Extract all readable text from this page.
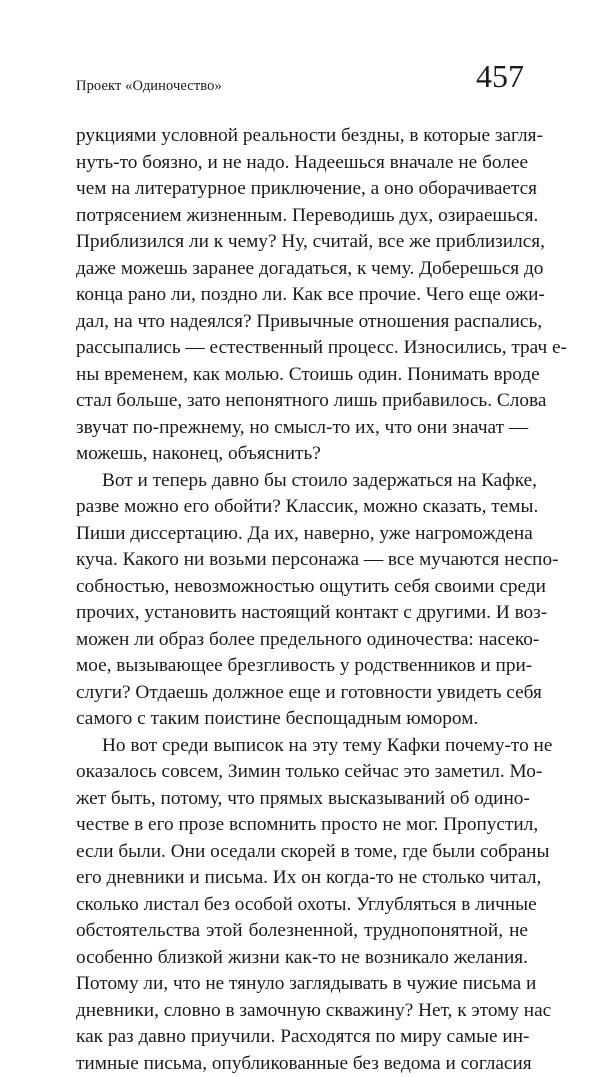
Проект «Одиночество»	457
рукциями условной реальности бездны, в которые загля-
нуть-то боязно, и не надо. Надеешься вначале не более
чем на литературное приключение, а оно оборачивается
потрясением жизненным. Переводишь дух, озираешься.
Приблизился ли к чему? Ну, считай, все же приблизился,
даже можешь заранее догадаться, к чему. Доберешься до
конца рано ли, поздно ли. Как все прочие. Чего еще ожи-
дал, на что надеялся? Привычные отношения распались,
рассыпались — естественный процесс. Износились, трач е-
ны временем, как молью. Стоишь один. Понимать вроде
стал больше, зато непонятного лишь прибавилось. Слова
звучат по-прежнему, но смысл-то их, что они значат —
можешь, наконец, объяснить?
Вот и теперь давно бы стоило задержаться на Кафке,
разве можно его обойти? Классик, можно сказать, темы.
Пиши диссертацию. Да их, наверно, уже нагромождена
куча. Какого ни возьми персонажа — все мучаются неспо-
собностью, невозможностью ощутить себя своими среди
прочих, установить настоящий контакт с другими. И воз-
можен ли образ более предельного одиночества: насеко-
мое, вызывающее брезгливость у родственников и при-
слуги? Отдаешь должное еще и готовности увидеть себя
самого с таким поистине беспощадным юмором.
Но вот среди выписок на эту тему Кафки почему-то не
оказалось совсем, Зимин только сейчас это заметил. Мо-
жет быть, потому, что прямых высказываний об одино-
честве в его прозе вспомнить просто не мог. Пропустил,
если были. Они оседали скорей в томе, где были собраны
его дневники и письма. Их он когда-то не столько читал,
сколько листал без особой охоты. Углубляться в личные
обстоятельства этой болезненной, труднопонятной, не
особенно близкой жизни как-то не возникало желания.
Потому ли, что не тянуло заглядывать в чужие письма и
дневники, словно в замочную скважину? Нет, к этому нас
как раз давно приучили. Расходятся по миру самые ин-
тимные письма, опубликованные без ведома и согласия
